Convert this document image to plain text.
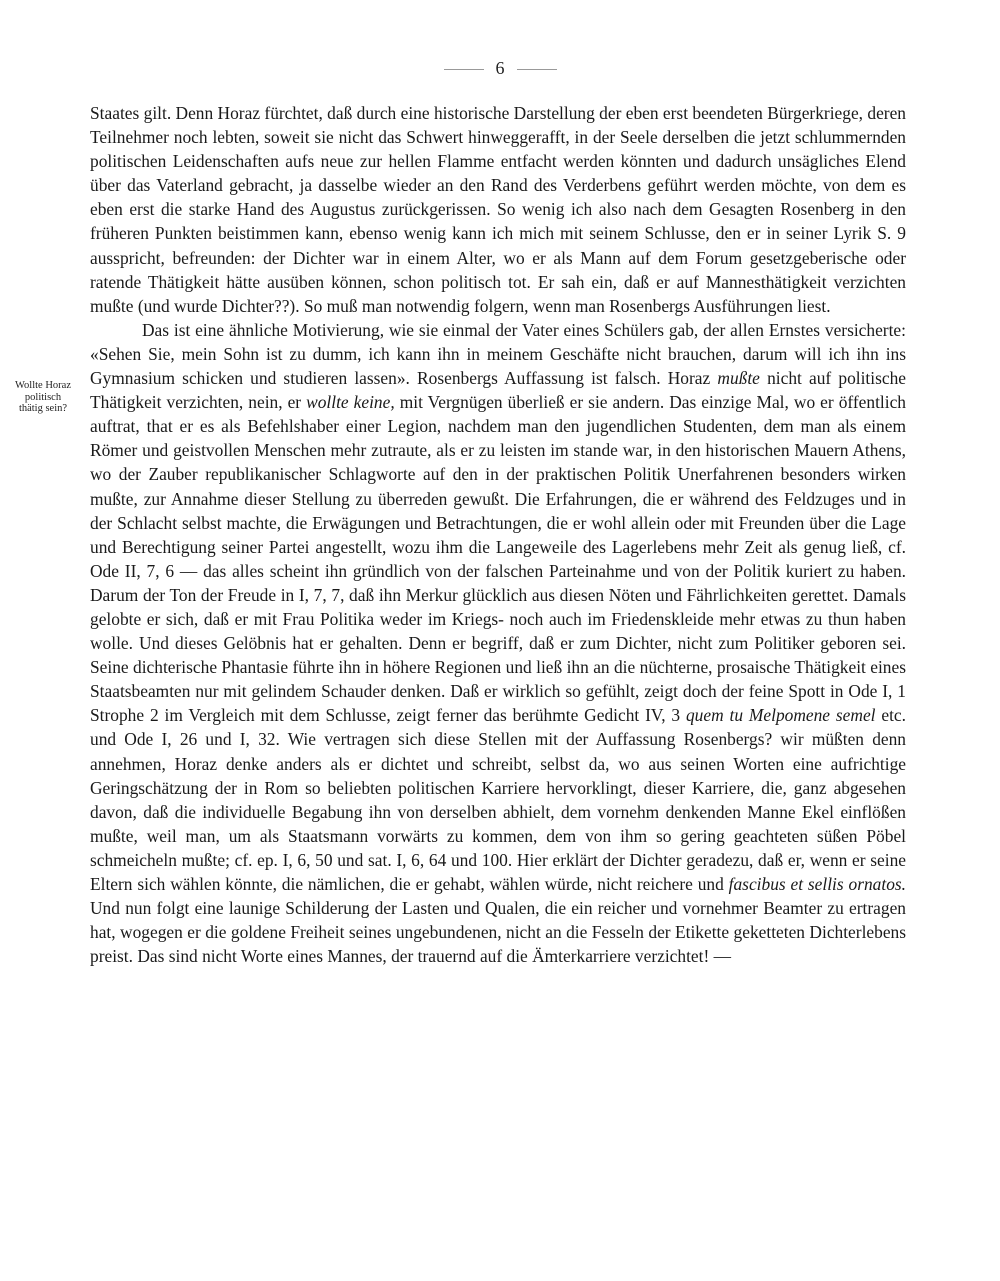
6
Wollte Horaz
politisch
thätig sein?

Staates gilt. Denn Horaz fürchtet, daß durch eine historische Darstellung der eben erst beendeten Bürgerkriege, deren Teilnehmer noch lebten, soweit sie nicht das Schwert hinweggerafft, in der Seele derselben die jetzt schlummernden politischen Leidenschaften aufs neue zur hellen Flamme entfacht werden könnten und dadurch unsägliches Elend über das Vaterland gebracht, ja dasselbe wieder an den Rand des Verderbens geführt werden möchte, von dem es eben erst die starke Hand des Augustus zurückgerissen. So wenig ich also nach dem Gesagten Rosenberg in den früheren Punkten beistimmen kann, ebenso wenig kann ich mich mit seinem Schlusse, den er in seiner Lyrik S. 9 ausspricht, befreunden: der Dichter war in einem Alter, wo er als Mann auf dem Forum gesetzgeberische oder ratende Thätigkeit hätte ausüben können, schon politisch tot. Er sah ein, daß er auf Mannesthätigkeit verzichten mußte (und wurde Dichter??). So muß man notwendig folgern, wenn man Rosenbergs Ausführungen liest.

Das ist eine ähnliche Motivierung, wie sie einmal der Vater eines Schülers gab, der allen Ernstes versicherte: «Sehen Sie, mein Sohn ist zu dumm, ich kann ihn in meinem Geschäfte nicht brauchen, darum will ich ihn ins Gymnasium schicken und studieren lassen». Rosenbergs Auffassung ist falsch. Horaz mußte nicht auf politische Thätigkeit verzichten, nein, er wollte keine, mit Vergnügen überließ er sie andern. Das einzige Mal, wo er öffentlich auftrat, that er es als Befehlshaber einer Legion, nachdem man den jugendlichen Studenten, dem man als einem Römer und geistvollen Menschen mehr zutraute, als er zu leisten im stande war, in den historischen Mauern Athens, wo der Zauber republikanischer Schlagworte auf den in der praktischen Politik Unerfahrenen besonders wirken mußte, zur Annahme dieser Stellung zu überreden gewußt. Die Erfahrungen, die er während des Feldzuges und in der Schlacht selbst machte, die Erwägungen und Betrachtungen, die er wohl allein oder mit Freunden über die Lage und Berechtigung seiner Partei angestellt, wozu ihm die Langeweile des Lagerlebens mehr Zeit als genug ließ, cf. Ode II, 7, 6 — das alles scheint ihn gründlich von der falschen Parteinahme und von der Politik kuriert zu haben. Darum der Ton der Freude in I, 7, 7, daß ihn Merkur glücklich aus diesen Nöten und Fährlichkeiten gerettet. Damals gelobte er sich, daß er mit Frau Politika weder im Kriegs- noch auch im Friedenskleide mehr etwas zu thun haben wolle. Und dieses Gelöbnis hat er gehalten. Denn er begriff, daß er zum Dichter, nicht zum Politiker geboren sei. Seine dichterische Phantasie führte ihn in höhere Regionen und ließ ihn an die nüchterne, prosaische Thätigkeit eines Staatsbeamten nur mit gelindem Schauder denken. Daß er wirklich so gefühlt, zeigt doch der feine Spott in Ode I, 1 Strophe 2 im Vergleich mit dem Schlusse, zeigt ferner das berühmte Gedicht IV, 3 quem tu Melpomene semel etc. und Ode I, 26 und I, 32. Wie vertragen sich diese Stellen mit der Auffassung Rosenbergs? wir müßten denn annehmen, Horaz denke anders als er dichtet und schreibt, selbst da, wo aus seinen Worten eine aufrichtige Geringschätzung der in Rom so beliebten politischen Karriere hervorklingt, dieser Karriere, die, ganz abgesehen davon, daß die individuelle Begabung ihn von derselben abhielt, dem vornehm denkenden Manne Ekel einflößen mußte, weil man, um als Staatsmann vorwärts zu kommen, dem von ihm so gering geachteten süßen Pöbel schmeicheln mußte; cf. ep. I, 6, 50 und sat. I, 6, 64 und 100. Hier erklärt der Dichter geradezu, daß er, wenn er seine Eltern sich wählen könnte, die nämlichen, die er gehabt, wählen würde, nicht reichere und fascibus et sellis ornatos. Und nun folgt eine launige Schilderung der Lasten und Qualen, die ein reicher und vornehmer Beamter zu ertragen hat, wogegen er die goldene Freiheit seines ungebundenen, nicht an die Fesseln der Etikette geketteten Dichterlebens preist. Das sind nicht Worte eines Mannes, der trauernd auf die Ämterkarriere verzichtet! —
